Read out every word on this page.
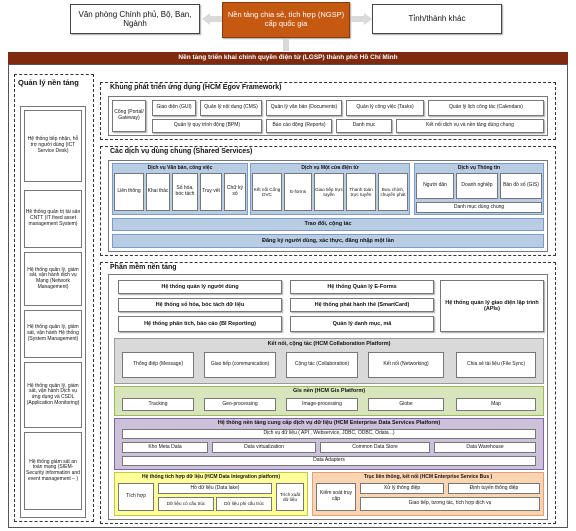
Văn phòng Chính phủ, Bộ, Ban, Ngành
Nền tảng chia sẻ, tích hợp (NGSP) cấp quốc gia
Tỉnh/thành khác
Nền tảng triển khai chính quyền điện tử (LGSP) thành phố Hồ Chí Minh
Quản lý nền tảng
Hệ thống tiếp nhận, hỗ trợ người dùng (ICT Service Desk)
Hệ thống quản trị tài sản CNTT (IT fixed asset management System)
Hệ thống quản lý, giám sát, vận hành dịch vụ Mạng (Network Management)
Hệ thống quản lý, giám sát, vận hành Hệ thống (System Management)
Hệ thống quản lý, giám sát, vận hành Dịch vụ ứng dụng và CSDL (Application Monitoring)
Hệ thống giám sát an toàn mạng (SIEM-Security information and event management – )
Khung phát triển ứng dụng (HCM Egov Framework)
Cổng (Portal/ Gateway)
Giao diện (GUI)	Quản lý nội dung (CMS)	Quản lý văn bản (Documents)	Quản lý công việc (Tasks)	Quản lý lịch công tác (Calendars)
Quản lý quy trình động (BPM)	Báo cáo động (Reports)	Danh mục	Kết nối dịch vụ và nền tảng dùng chung
Các dịch vụ dùng chung (Shared Services)
Dịch vụ Văn bản, công việc
Liên thông Khai thác	Số hóa, bóc tách	Truy vết	Chữ ký số
Dịch vụ Một cửa điện tử
Kết nối Cổng DVC
E-forms
Giao tiếp trực tuyến
Thanh toán trực tuyến
Bưu chính, chuyển phát
Dịch vụ Thông tin
Người dân	Doanh nghiệp Bản đồ số (GIS)
Danh mục dùng chung
Trao đổi, cộng tác
Đăng ký người dùng, xác thực, đăng nhập một lần
Phần mềm nền tảng
Hệ thống quản lý người dùng
Hệ thống số hóa, bóc tách dữ liệu
Hệ thống phân tích, báo cáo (BI Reporting)
Hệ thống Quản lý E-Forms
Hệ thống phát hành thẻ (SmartCard)
Quản lý danh mục, mã
Hệ thống quản lý giao diện lập trình (APIs)
Kết nối, cộng tác (HCM Collaboration Platform)
Thông điệp (Message)	Giao tiếp (communication)	Cộng tác (Collaboration)	Kết nối (Networking)	Chia sẻ tài liệu (File Sync)
Gis nền (HCM Gis Platform)
Tracking	Geo-processing	Image-processing	Globe	Map
Hệ thống nền tảng cung cấp dịch vụ dữ liệu (HCM Enterprise Data Services Platform)
Dịch vụ dữ liệu ( API , Webservice, JDBC, ODBC, Odata ..)
Kho Meta Data	Data virtualization	Common Data Store	Data Warehouse
Data Adapters
Hệ thống tích hợp dữ liệu (HCM Data Integration platform)
Tích hợp
Hồ dữ liệu (Data lake)
Dữ liệu có cấu trúc	Dữ liệu phi cấu trúc
Trích xuất dữ liệu
Trục liên thông, kết nối (HCM Enterprise Service Bus )
Kiểm soát truy cập
Xử lý thông điệp	Định tuyến thông điệp
Giao tiếp, tương tác, tích hợp dịch vụ
